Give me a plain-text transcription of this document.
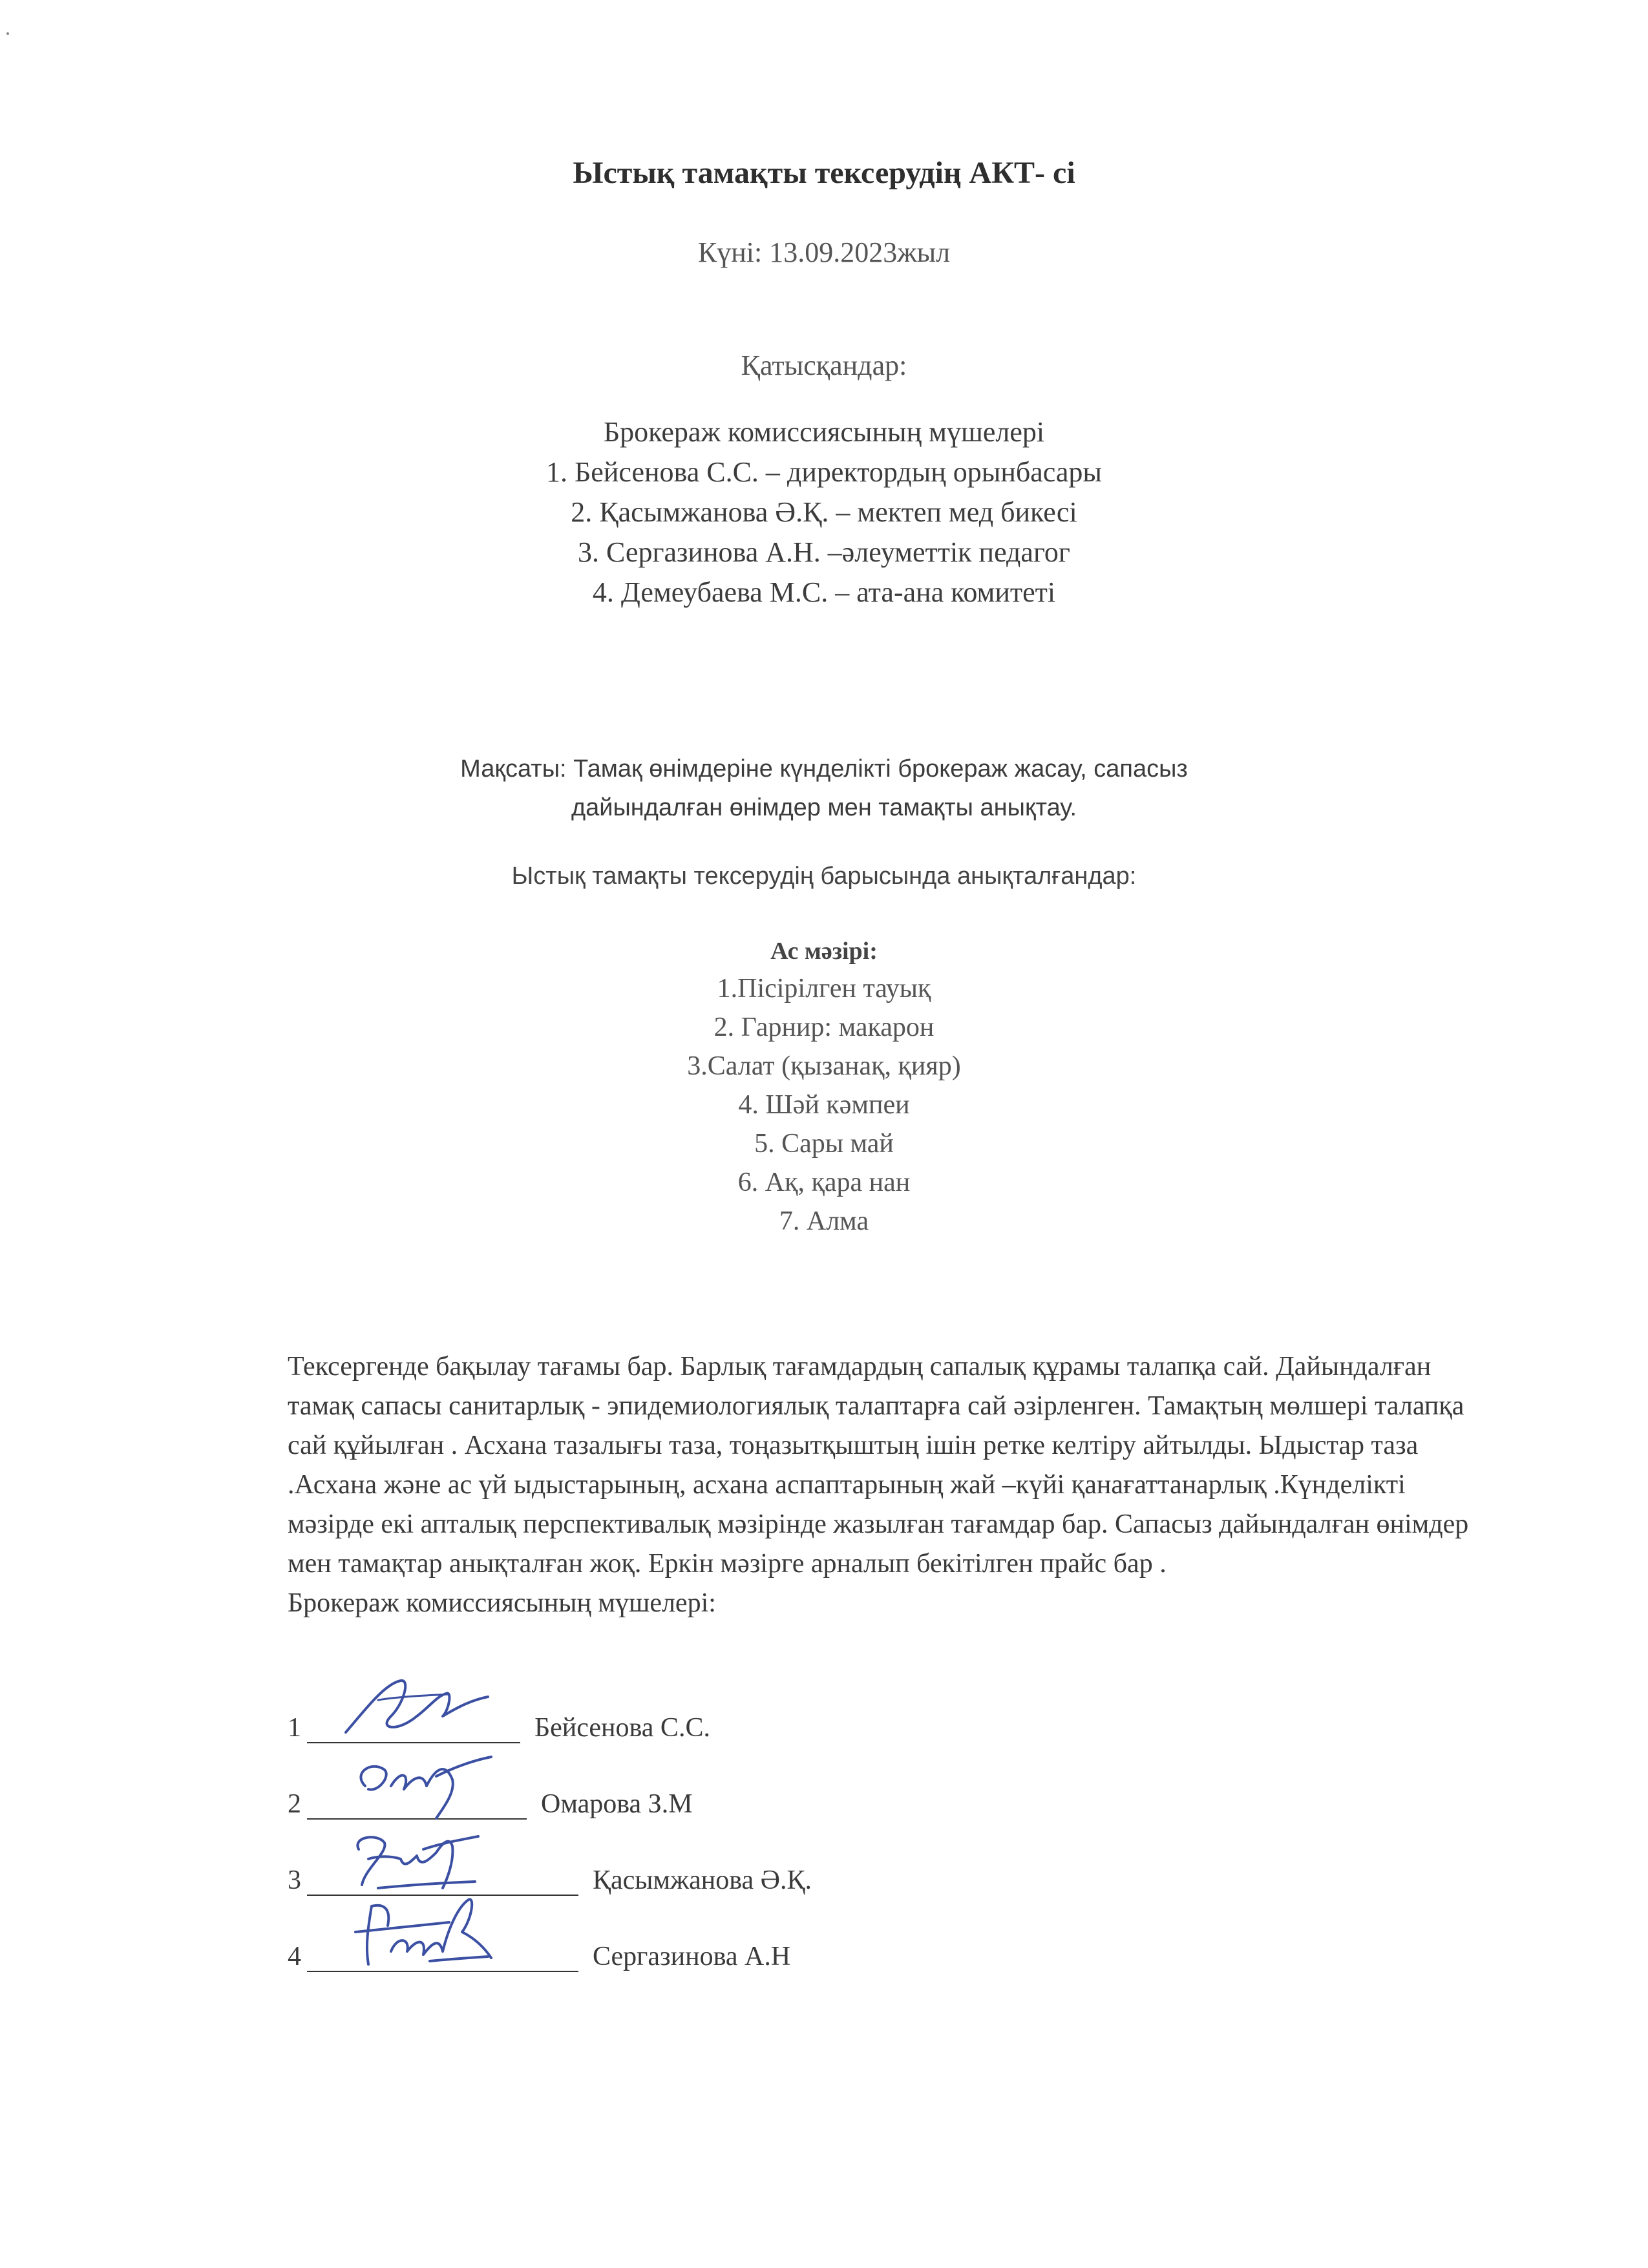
Ыстық тамақты тексерудің АКТ- сі
Күні: 13.09.2023жыл
Қатысқандар:
Брокераж комиссиясының мүшелері
1. Бейсенова С.С. – директордың орынбасары
2. Қасымжанова Ә.Қ. – мектеп мед бикесі
3. Сергазинова А.Н. –әлеуметтік педагог
4. Демеубаева М.С. – ата-ана комитеті
Мақсаты: Тамақ өнімдеріне күнделікті брокераж жасау, сапасыз
дайындалған өнімдер мен тамақты анықтау.
Ыстық тамақты тексерудің барысында анықталғандар:
Ас мәзірі:
1.Пісірілген тауық
2. Гарнир: макарон
3.Салат (қызанақ, қияр)
4. Шәй кәмпеи
5. Сары май
6. Ақ, қара нан
7. Алма

Тексергенде бақылау тағамы бар. Барлық тағамдардың сапалық құрамы талапқа сай. Дайындалған тамақ сапасы санитарлық - эпидемиологиялық талаптарға сай әзірленген. Тамақтың мөлшері талапқа сай құйылған . Асхана тазалығы таза, тоңазытқыштың ішін ретке келтіру айтылды. Ыдыстар таза .Асхана және ас үй ыдыстарының, асхана аспаптарының жай –күйі қанағаттанарлық .Күнделікті мәзірде екі апталық перспективалық мәзірінде жазылған тағамдар бар. Сапасыз дайындалған өнімдер мен тамақтар анықталған жоқ. Еркін мәзірге арналып бекітілген прайс бар .

Брокераж комиссиясының мүшелері:

1	Бейсенова С.С.
2	Омарова З.М
3	Қасымжанова Ә.Қ.
4	Сергазинова А.Н
